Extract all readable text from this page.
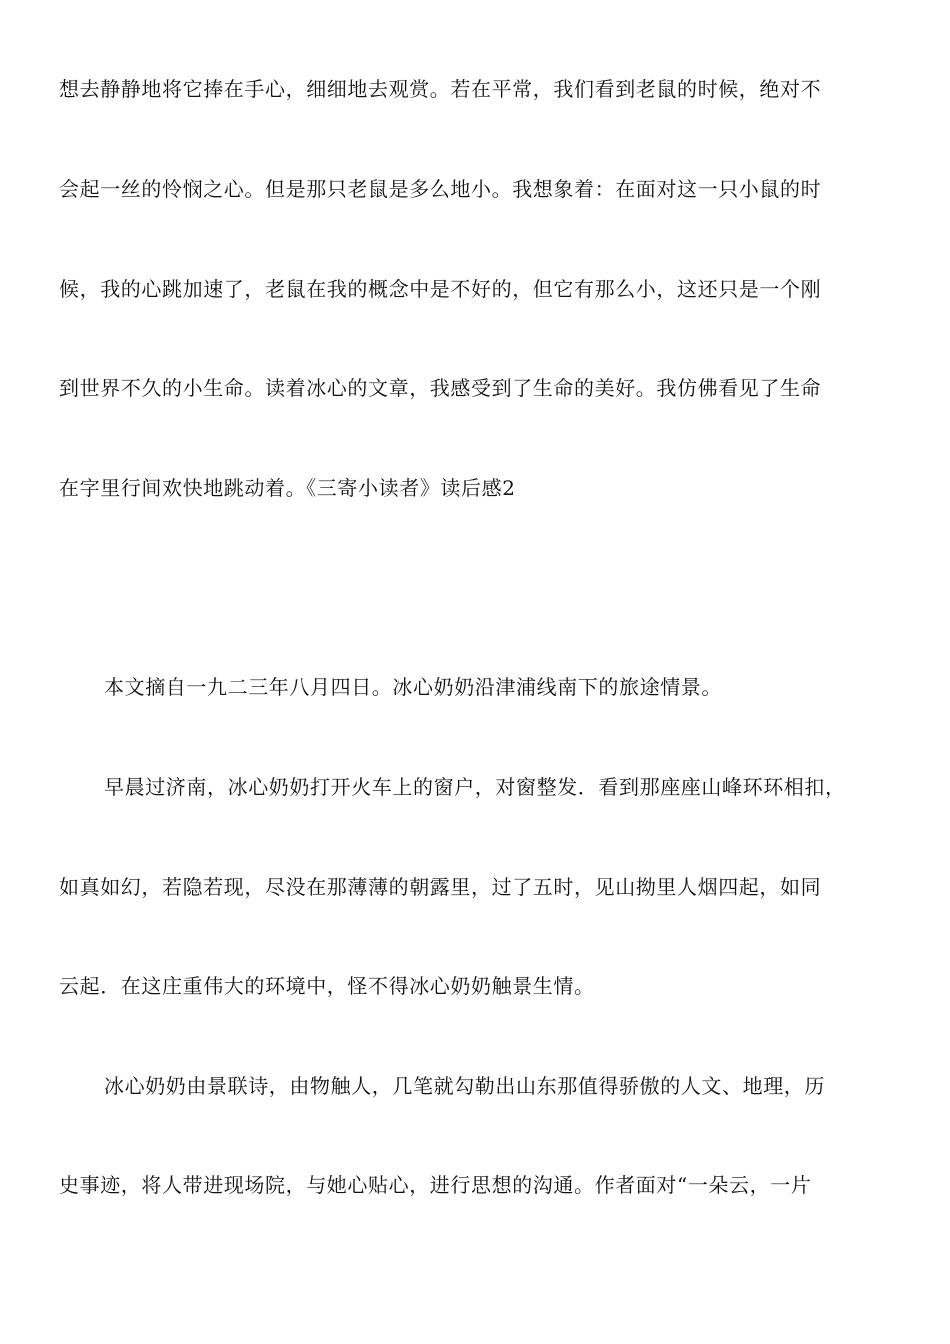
想去静静地将它捧在手心，细细地去观赏。若在平常，我们看到老鼠的时候，绝对不
会起一丝的怜悯之心。但是那只老鼠是多么地小。我想象着：在面对这一只小鼠的时
候，我的心跳加速了，老鼠在我的概念中是不好的，但它有那么小，这还只是一个刚
到世界不久的小生命。读着冰心的文章，我感受到了生命的美好。我仿佛看见了生命
在字里行间欢快地跳动着。《三寄小读者》读后感2
本文摘自一九二三年八月四日。冰心奶奶沿津浦线南下的旅途情景。
早晨过济南，冰心奶奶打开火车上的窗户，对窗整发．看到那座座山峰环环相扣，
如真如幻，若隐若现，尽没在那薄薄的朝露里，过了五时，见山拗里人烟四起，如同
云起．在这庄重伟大的环境中，怪不得冰心奶奶触景生情。
冰心奶奶由景联诗，由物触人，几笔就勾勒出山东那值得骄傲的人文、地理，历
史事迹，将人带进现场院，与她心贴心，进行思想的沟通。作者面对“一朵云，一片
